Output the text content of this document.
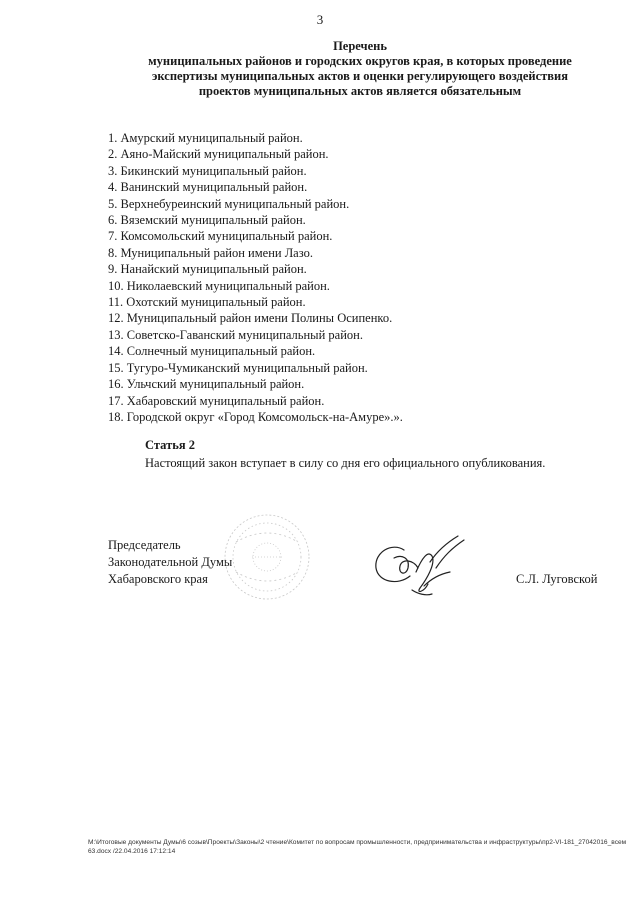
3
Перечень
муниципальных районов и городских округов края, в которых проведение
экспертизы муниципальных актов и оценки регулирующего воздействия
проектов муниципальных актов является обязательным
1. Амурский муниципальный район.
2. Аяно-Майский муниципальный район.
3. Бикинский муниципальный район.
4. Ванинский муниципальный район.
5. Верхнебуреинский муниципальный район.
6. Вяземский муниципальный район.
7. Комсомольский муниципальный район.
8. Муниципальный район имени Лазо.
9. Нанайский муниципальный район.
10. Николаевский муниципальный район.
11. Охотский муниципальный район.
12. Муниципальный район имени Полины Осипенко.
13. Советско-Гаванский муниципальный район.
14. Солнечный муниципальный район.
15. Тугуро-Чумиканский муниципальный район.
16. Ульчский муниципальный район.
17. Хабаровский муниципальный район.
18. Городской округ «Город Комсомольск-на-Амуре».».
Статья 2
Настоящий закон вступает в силу со дня его официального опубликования.
Председатель
Законодательной Думы
Хабаровского края	С.Л. Луговской
M:\Итоговые документы Думы\6 созыв\Проекты\Законы\2 чтение\Комитет по вопросам промышленности, предпринимательства и инфраструктуры\пр2-VI-181_27042016_всем63.docx /22.04.2016 17:12:14
